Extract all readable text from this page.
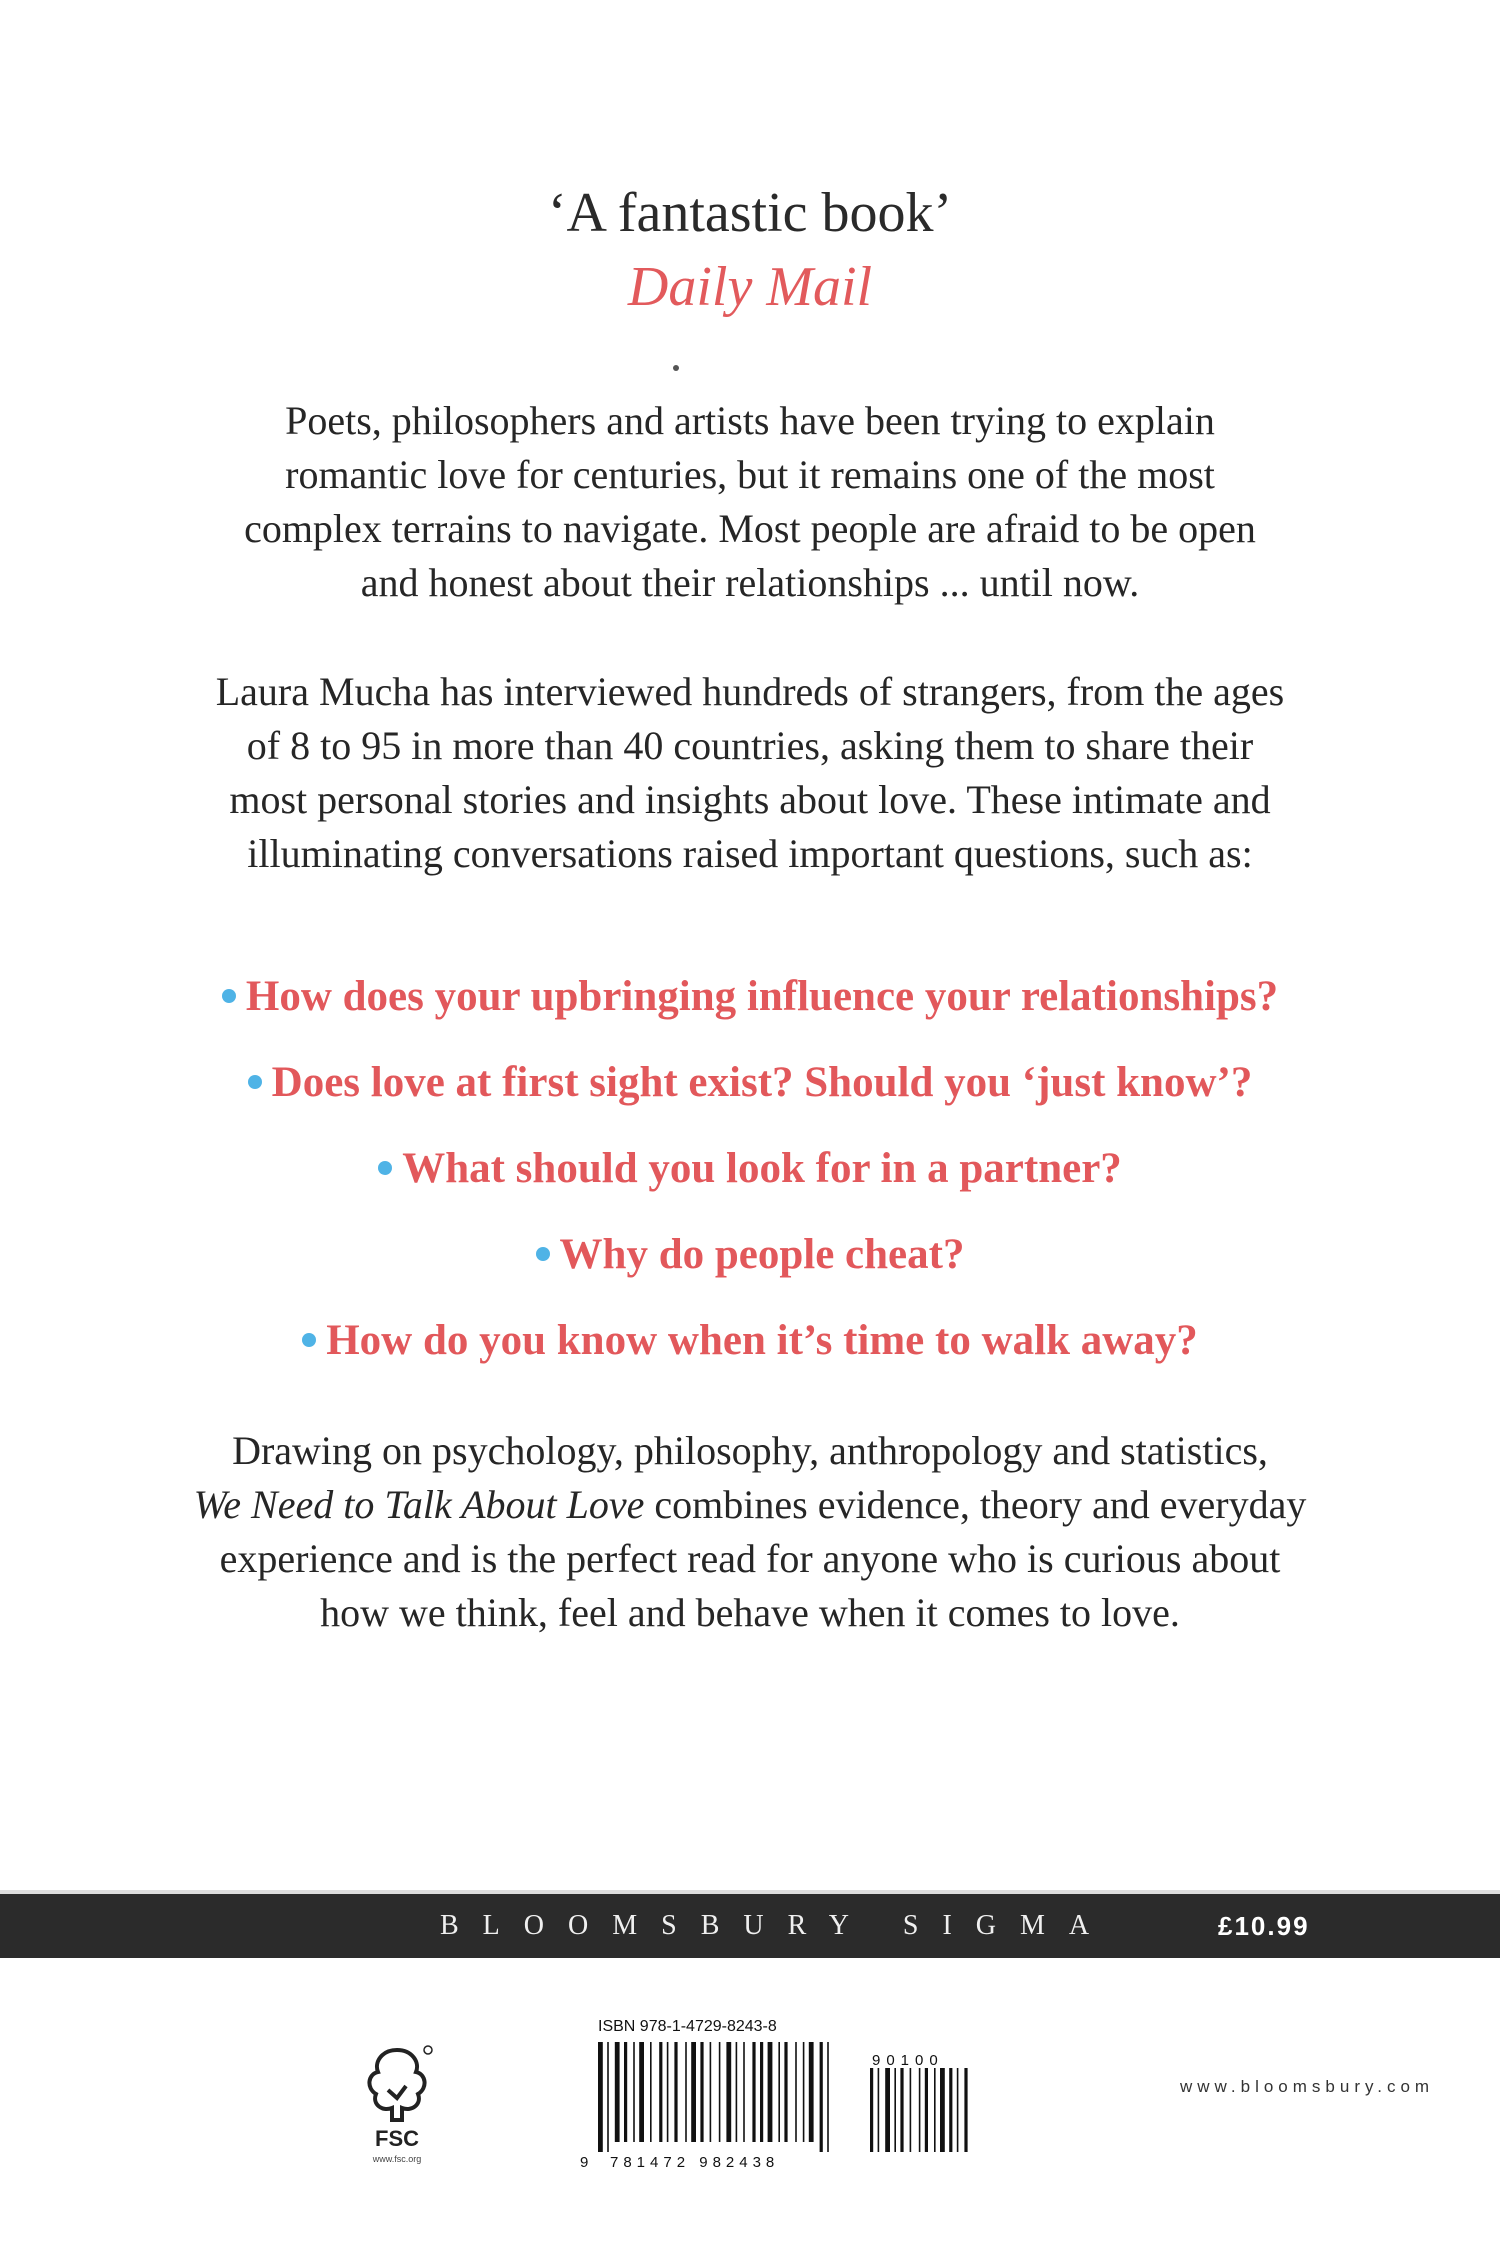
‘A fantastic book’
Daily Mail
Poets, philosophers and artists have been trying to explain
romantic love for centuries, but it remains one of the most
complex terrains to navigate. Most people are afraid to be open
and honest about their relationships ... until now.
Laura Mucha has interviewed hundreds of strangers, from the ages
of 8 to 95 in more than 40 countries, asking them to share their
most personal stories and insights about love. These intimate and
illuminating conversations raised important questions, such as:
How does your upbringing influence your relationships?
Does love at first sight exist? Should you ‘just know’?
What should you look for in a partner?
Why do people cheat?
How do you know when it’s time to walk away?
Drawing on psychology, philosophy, anthropology and statistics,
We Need to Talk About Love combines evidence, theory and everyday
experience and is the perfect read for anyone who is curious about
how we think, feel and behave when it comes to love.
BLOOMSBURY SIGMA	£10.99
FSC
www.fsc.org
ISBN 978-1-4729-8243-8
90100
9 781472 982438
www.bloomsbury.com
